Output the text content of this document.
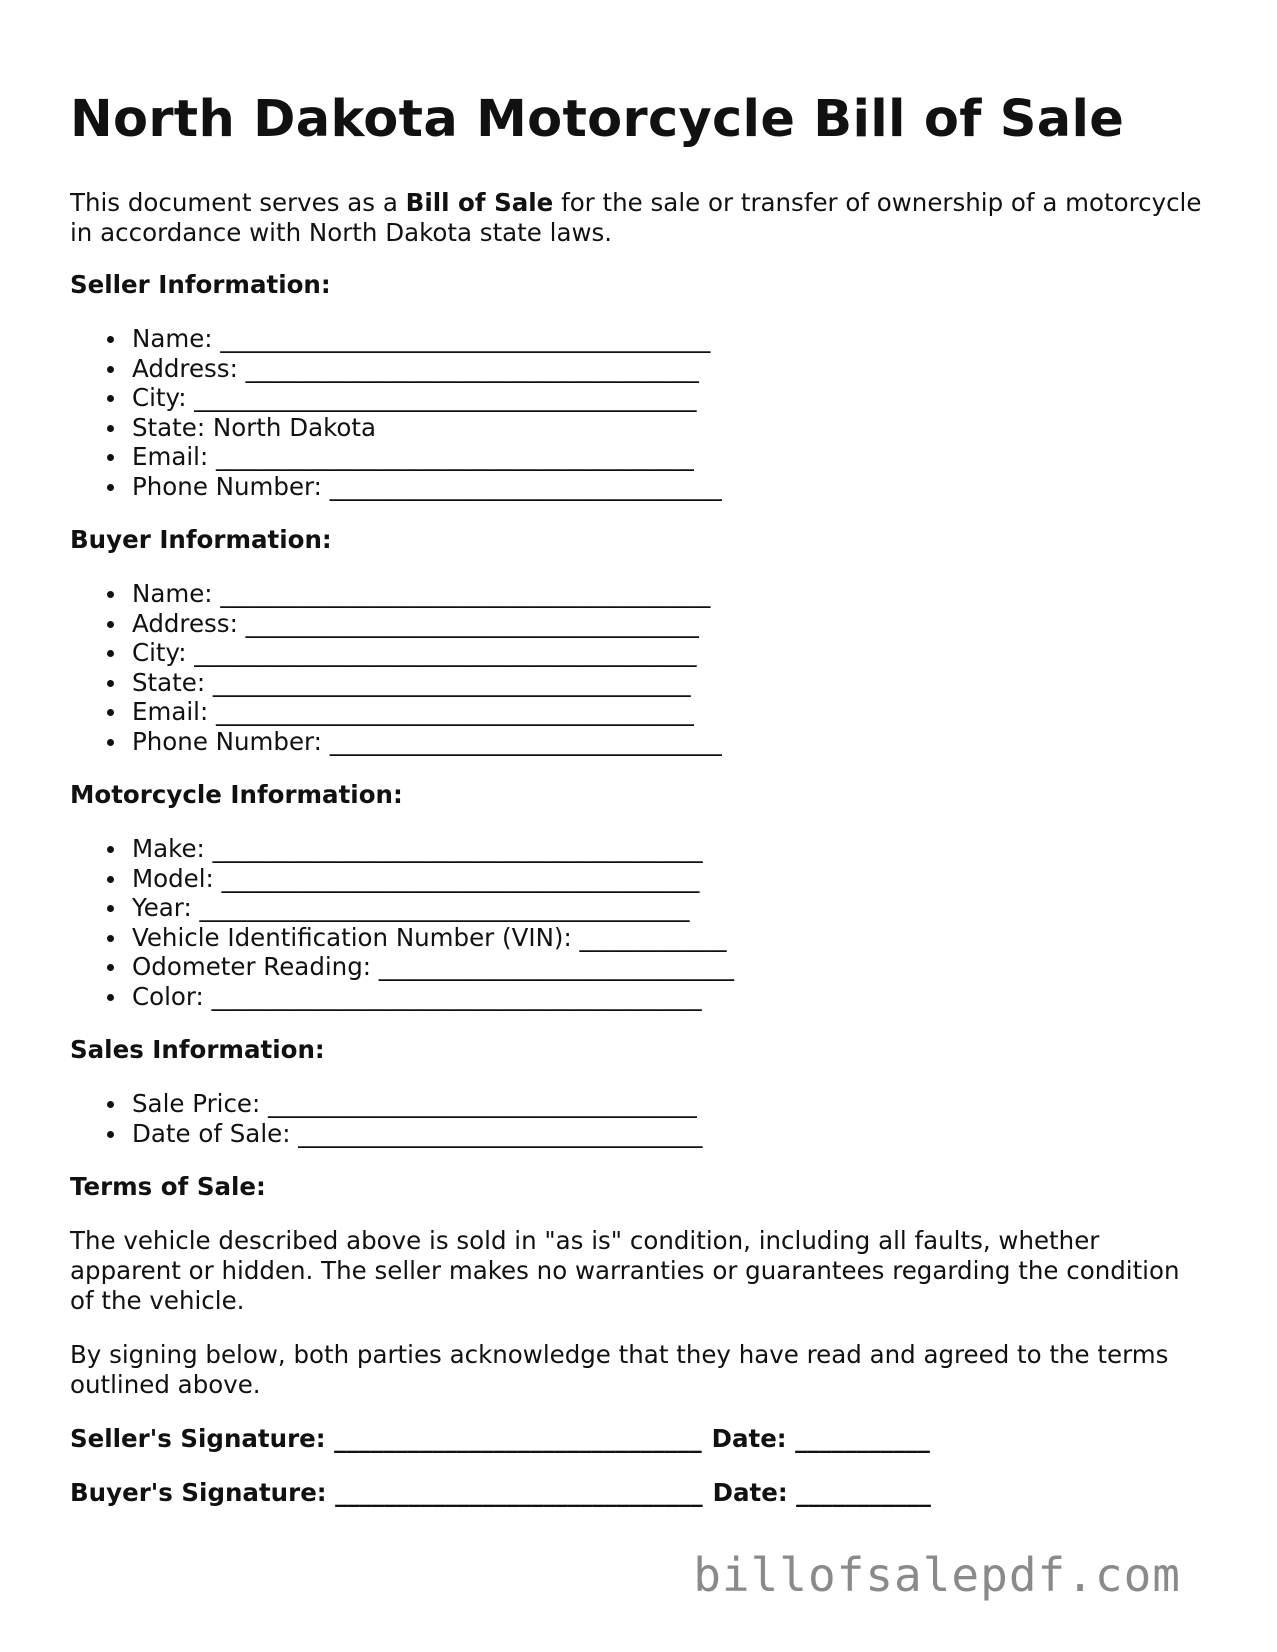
North Dakota Motorcycle Bill of Sale

This document serves as a Bill of Sale for the sale or transfer of ownership of a motorcycle in accordance with North Dakota state laws.

Seller Information:
Name: ________________________________________
Address: _____________________________________
City: _________________________________________
State: North Dakota
Email: _______________________________________
Phone Number: ________________________________
Buyer Information:
Name: ________________________________________
Address: _____________________________________
City: _________________________________________
State: _______________________________________
Email: _______________________________________
Phone Number: ________________________________
Motorcycle Information:
Make: ________________________________________
Model: _______________________________________
Year: ________________________________________
Vehicle Identification Number (VIN): ____________
Odometer Reading: _____________________________
Color: ________________________________________
Sales Information:
Sale Price: ___________________________________
Date of Sale: _________________________________
Terms of Sale:

The vehicle described above is sold in "as is" condition, including all faults, whether apparent or hidden. The seller makes no warranties or guarantees regarding the condition of the vehicle.

By signing below, both parties acknowledge that they have read and agreed to the terms outlined above.

Seller's Signature: ______________________________ Date: ___________
Buyer's Signature: ______________________________ Date: ___________
billofsalepdf.com
